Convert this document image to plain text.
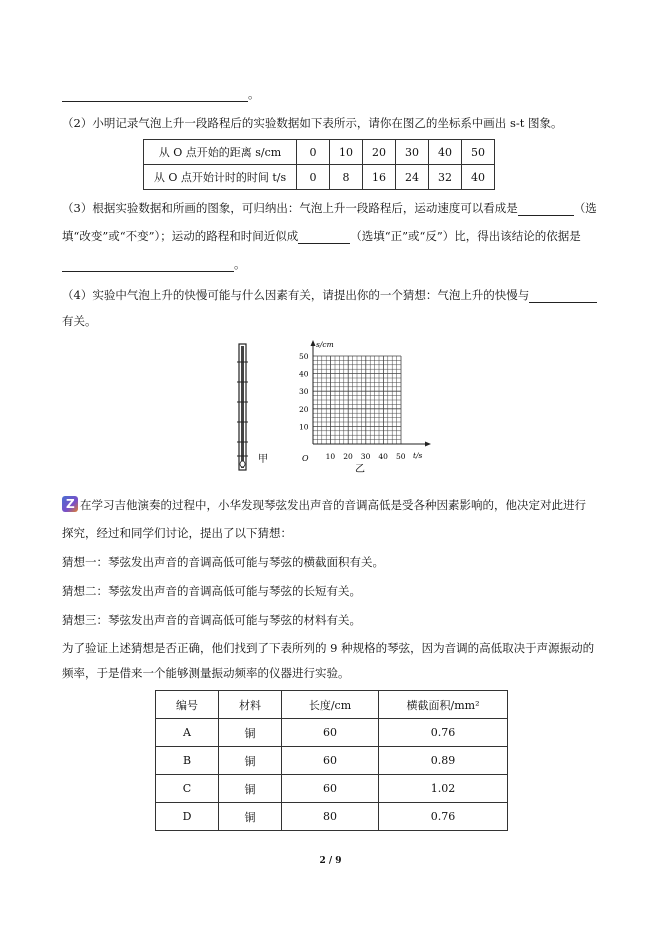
。
（2）小明记录气泡上升一段路程后的实验数据如下表所示，请你在图乙的坐标系中画出 s-t 图象。
从 O 点开始的距离 s/cm	0	10	20	30	40	50
从 O 点开始计时的时间 t/s	0	8	16	24	32	40
（3）根据实验数据和所画的图象，可归纳出：气泡上升一段路程后，运动速度可以看成是	（选
填“改变”或“不变”）；运动的路程和时间近似成	（选填“正”或“反”）比，得出该结论的依据是
。
（4）实验中气泡上升的快慢可能与什么因素有关，请提出你的一个猜想：气泡上升的快慢与
有关。
甲
s/cm
t/s
O
10
20
30
40
50
10 20 30 40 50
乙
Z 在学习吉他演奏的过程中，小华发现琴弦发出声音的音调高低是受各种因素影响的，他决定对此进行
探究，经过和同学们讨论，提出了以下猜想：
猜想一：琴弦发出声音的音调高低可能与琴弦的横截面积有关。
猜想二：琴弦发出声音的音调高低可能与琴弦的长短有关。
猜想三：琴弦发出声音的音调高低可能与琴弦的材料有关。
为了验证上述猜想是否正确，他们找到了下表所列的 9 种规格的琴弦，因为音调的高低取决于声源振动的
频率，于是借来一个能够测量振动频率的仪器进行实验。
编号	材料	长度/cm	横截面积/mm²
A	铜	60	0.76
B	铜	60	0.89
C	铜	60	1.02
D	铜	80	0.76
2 / 9
